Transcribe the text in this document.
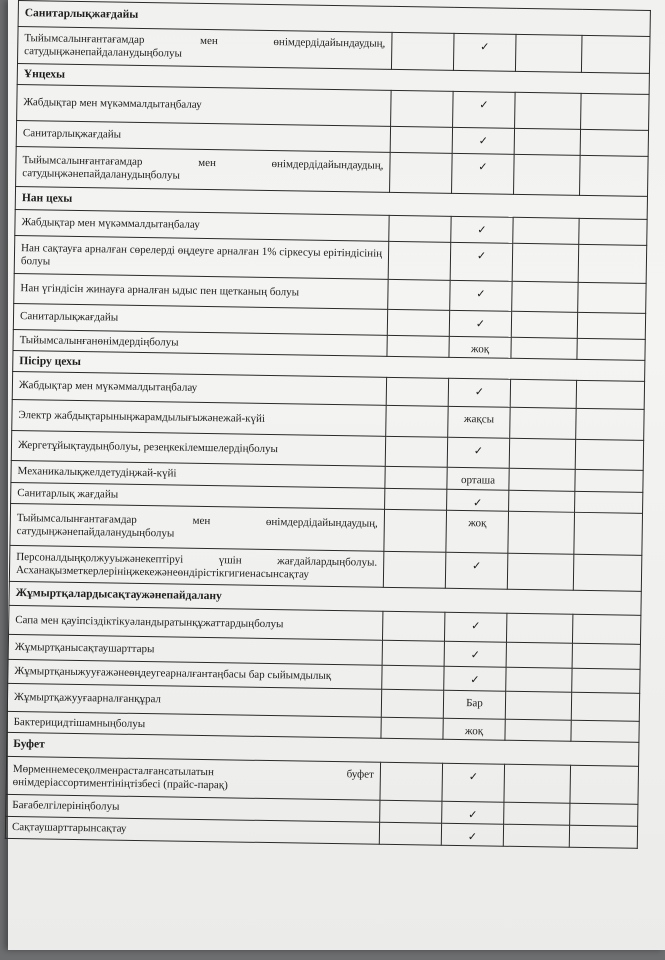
Санитарлықжағдайы				
Тыйымсалынғантағамдар мен өнімдердідайындаудың, сатудыңжәнепайдаланудыңболуы		✓		
Ұнцехы				
Жабдықтар мен мүкәммалдытаңбалау		✓		
Санитарлықжағдайы		✓		
Тыйымсалынғантағамдар мен өнімдердідайындаудың, сатудыңжәнепайдаланудыңболуы		✓		
Нан цехы				
Жабдықтар мен мүкәммалдытаңбалау		✓		
Нан сақтауға арналған сөрелерді өңдеуге арналған 1% сіркесуы ерітіндісінің болуы		✓		
Нан үгіндісін жинауға арналған ыдыс пен щетканың болуы		✓		
Санитарлықжағдайы		✓		
Тыйымсалынғанөнімдердіңболуы		жоқ		
Пісіру цехы				
Жабдықтар мен мүкәммалдытаңбалау		✓		
Электр жабдықтарыныңжарамдылығыжәнежай-күйі		жақсы		
Жергетұйықтаудыңболуы, резеңкекілемшелердіңболуы		✓		
Механикалықжелдетудіңжай-күйі		орташа		
Санитарлық жағдайы		✓		
Тыйымсалынғантағамдар мен өнімдердідайындаудың, сатудыңжәнепайдаланудыңболуы		жоқ		
Персоналдыңқолжууыжәнекептіруі үшін жағдайлардыңболуы. Асханақызметкерлерініңжекежәнеөндірістікгигиенасынсақтау		✓		
Жұмыртқалардысақтаужәнепайдалану				
Сапа мен қауіпсіздіктікуәландыратынқұжаттардыңболуы		✓		
Жұмыртқанысақтаушарттары		✓		
Жұмыртқаныжууғажәнеөңдеугеарналғантаңбасы бар сыйымдылық		✓		
Жұмыртқажууғаарналғанқұрал		Бар		
Бактерицидтішамныңболуы		жоқ		
Буфет				
Мөрменнемесеқолменрасталғансатылатын буфет өнімдеріассортиментініңтізбесі (прайс-парақ)		✓		
Бағабелгілерініңболуы		✓		
Сақтаушарттарынсақтау		✓		
